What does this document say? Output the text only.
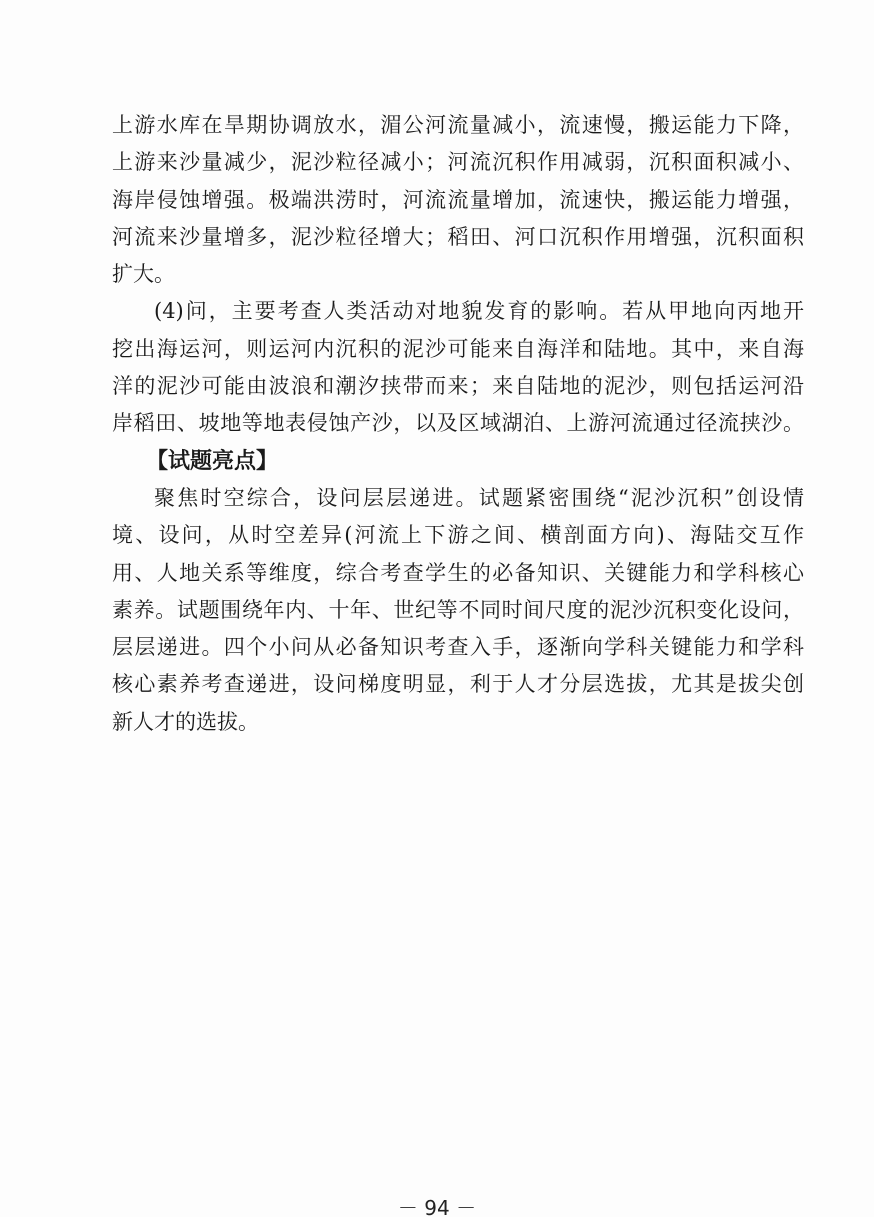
上游水库在旱期协调放水，湄公河流量减小，流速慢，搬运能力下降，
上游来沙量减少，泥沙粒径减小；河流沉积作用减弱，沉积面积减小、
海岸侵蚀增强。极端洪涝时，河流流量增加，流速快，搬运能力增强，
河流来沙量增多，泥沙粒径增大；稻田、河口沉积作用增强，沉积面积
扩大。
(4)问，主要考查人类活动对地貌发育的影响。若从甲地向丙地开
挖出海运河，则运河内沉积的泥沙可能来自海洋和陆地。其中，来自海
洋的泥沙可能由波浪和潮汐挟带而来；来自陆地的泥沙，则包括运河沿
岸稻田、坡地等地表侵蚀产沙，以及区域湖泊、上游河流通过径流挟沙。
【试题亮点】
聚焦时空综合，设问层层递进。试题紧密围绕“泥沙沉积”创设情
境、设问，从时空差异(河流上下游之间、横剖面方向)、海陆交互作
用、人地关系等维度，综合考查学生的必备知识、关键能力和学科核心
素养。试题围绕年内、十年、世纪等不同时间尺度的泥沙沉积变化设问，
层层递进。四个小问从必备知识考查入手，逐渐向学科关键能力和学科
核心素养考查递进，设问梯度明显，利于人才分层选拔，尤其是拔尖创
新人才的选拔。
－ 94 －
